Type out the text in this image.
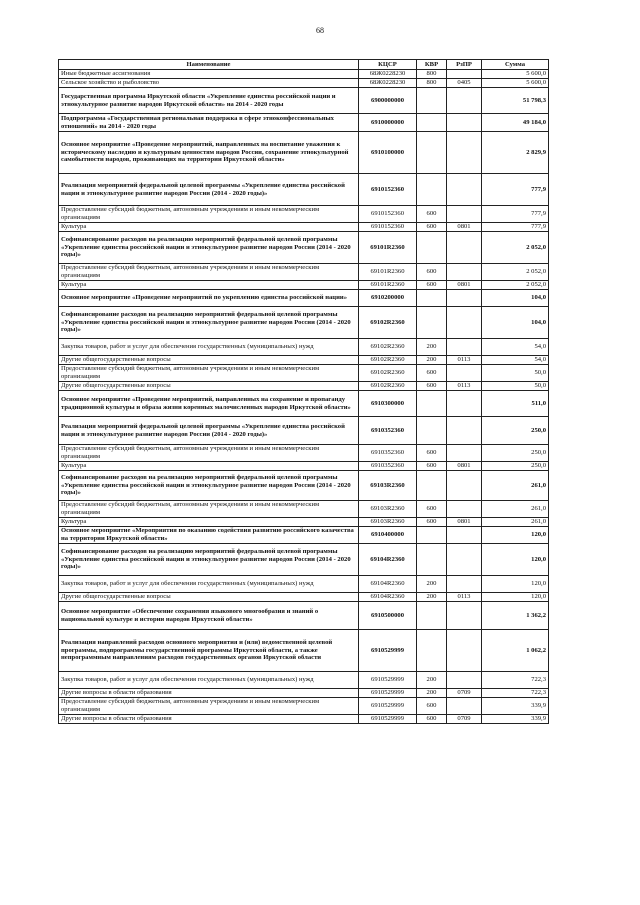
68
Наименование	КЦСР	КВР	РзПР	Сумма
Иные бюджетные ассигнования	68Ж0228230	800		5 600,0
Сельское хозяйство и рыболовство	68Ж0228230	800	0405	5 600,0
Государственная программа Иркутской области «Укрепление единства российской нации и этнокультурное развитие народов Иркутской области» на 2014 - 2020 годы	6900000000			51 798,3
Подпрограмма «Государственная региональная поддержка в сфере этноконфессиональных отношений» на 2014 - 2020 годы	6910000000			49 184,0
Основное мероприятие «Проведение мероприятий, направленных на воспитание уважения к историческому наследию и культурным ценностям народов России, сохранение этнокультурной самобытности народов, проживающих на территории Иркутской области»	6910100000			2 829,9
Реализация мероприятий федеральной целевой программы «Укрепление единства российской нации и этнокультурное развитие народов России (2014 - 2020 годы)»	6910152360			777,9
Предоставление субсидий бюджетным, автономным учреждениям и иным некоммерческим организациям	6910152360	600		777,9
Культура	6910152360	600	0801	777,9
Софинансирование расходов на реализацию мероприятий федеральной целевой программы «Укрепление единства российской нации и этнокультурное развитие народов России (2014 - 2020 годы)»	69101R2360			2 052,0
Предоставление субсидий бюджетным, автономным учреждениям и иным некоммерческим организациям	69101R2360	600		2 052,0
Культура	69101R2360	600	0801	2 052,0
Основное мероприятие «Проведение мероприятий по укреплению единства российской нации»	6910200000			104,0
Софинансирование расходов на реализацию мероприятий федеральной целевой программы «Укрепление единства российской нации и этнокультурное развитие народов России (2014 - 2020 годы)»	69102R2360			104,0
Закупка товаров, работ и услуг для обеспечения государственных (муниципальных) нужд	69102R2360	200		54,0
Другие общегосударственные вопросы	69102R2360	200	0113	54,0
Предоставление субсидий бюджетным, автономным учреждениям и иным некоммерческим организациям	69102R2360	600		50,0
Другие общегосударственные вопросы	69102R2360	600	0113	50,0
Основное мероприятие «Проведение мероприятий, направленных на сохранение и пропаганду традиционной культуры и образа жизни коренных малочисленных народов Иркутской области»	6910300000			511,0
Реализация мероприятий федеральной целевой программы «Укрепление единства российской нации и этнокультурное развитие народов России (2014 - 2020 годы)»	6910352360			250,0
Предоставление субсидий бюджетным, автономным учреждениям и иным некоммерческим организациям	6910352360	600		250,0
Культура	6910352360	600	0801	250,0
Софинансирование расходов на реализацию мероприятий федеральной целевой программы «Укрепление единства российской нации и этнокультурное развитие народов России (2014 - 2020 годы)»	69103R2360			261,0
Предоставление субсидий бюджетным, автономным учреждениям и иным некоммерческим организациям	69103R2360	600		261,0
Культура	69103R2360	600	0801	261,0
Основное мероприятие «Мероприятия по оказанию содействия развитию российского казачества на территории Иркутской области»	6910400000			120,0
Софинансирование расходов на реализацию мероприятий федеральной целевой программы «Укрепление единства российской нации и этнокультурное развитие народов России (2014 - 2020 годы)»	69104R2360			120,0
Закупка товаров, работ и услуг для обеспечения государственных (муниципальных) нужд	69104R2360	200		120,0
Другие общегосударственные вопросы	69104R2360	200	0113	120,0
Основное мероприятие «Обеспечение сохранения языкового многообразия и знаний о национальной культуре и истории народов Иркутской области»	6910500000			1 362,2
Реализация направлений расходов основного мероприятия и (или) ведомственной целевой программы, подпрограммы государственной программы Иркутской области, а также непрограммным направлениям расходов государственных органов Иркутской области	6910529999			1 062,2
Закупка товаров, работ и услуг для обеспечения государственных (муниципальных) нужд	6910529999	200		722,3
Другие вопросы в области образования	6910529999	200	0709	722,3
Предоставление субсидий бюджетным, автономным учреждениям и иным некоммерческим организациям	6910529999	600		339,9
Другие вопросы в области образования	6910529999	600	0709	339,9
